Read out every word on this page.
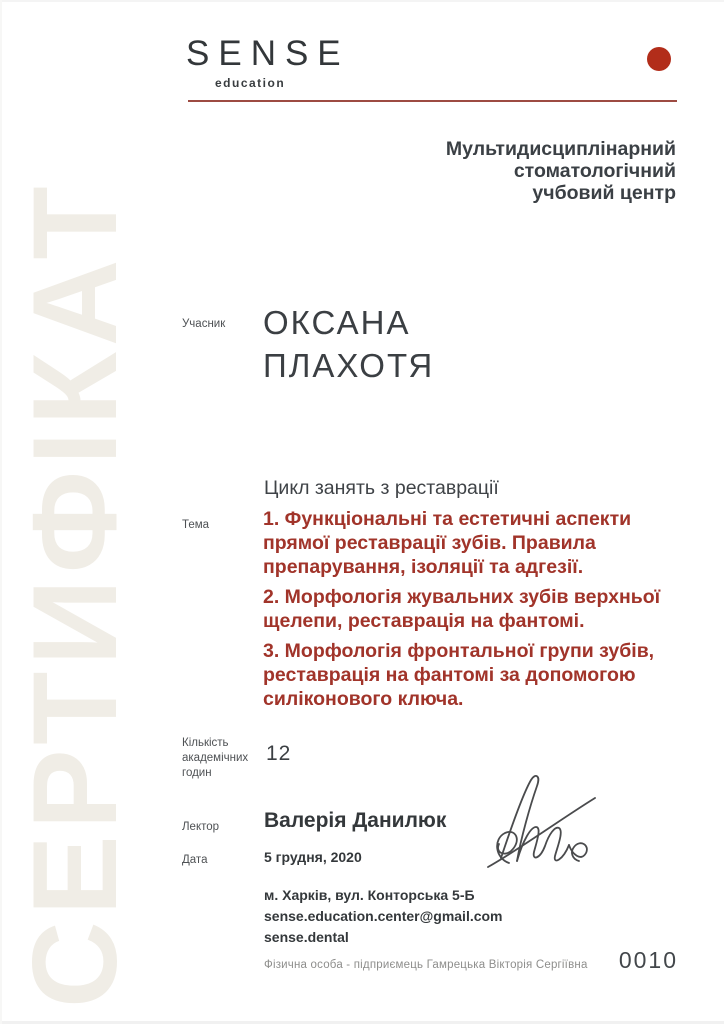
СЕРТИФІКАТ
SENSE
education
Мультидисциплінарний
стоматологічний
учбовий центр
Учасник ОКСАНА
ПЛАХОТЯ
Цикл занять з реставрації
Тема	1. Функціональні та естетичні аспекти прямої реставрації зубів. Правила препарування, ізоляції та адгезії.

2. Морфологія жувальних зубів верхньої щелепи, реставрація на фантомі.

3. Морфологія фронтальної групи зубів, реставрація на фантомі за допомогою силіконового ключа.

Кількість академічних годин
12
Лектор Валерія Данилюк
Дата	5 грудня, 2020
м. Харків, вул. Конторська 5-Б
sense.education.center@gmail.com
sense.dental
Фізична особа - підприємець Гамрецька Вікторія Сергіївна 0010
